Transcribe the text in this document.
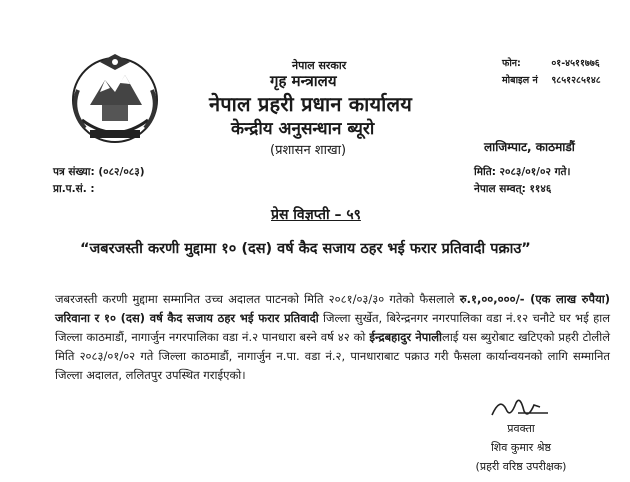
नेपाल सरकार
गृह मन्त्रालय
नेपाल प्रहरी प्रधान कार्यालय
केन्द्रीय अनुसन्धान ब्यूरो
(प्रशासन शाखा)
फोन:	०१-४५११७७६
मोबाइल नं ९८५१२८५१४८
लाजिम्पाट, काठमाडौं
पत्र संख्या: (०८२/०८३)
प्रा.प.सं. :
मिति: २०८३/०१/०२ गते।
नेपाल सम्वत्: ११४६
प्रेस विज्ञप्ती – ५९
“जबरजस्ती करणी मुद्दामा १० (दस) वर्ष कैद सजाय ठहर भई फरार प्रतिवादी पक्राउ”
जबरजस्ती करणी मुद्दामा सम्मानित उच्च अदालत पाटनको मिति २०८१/०३/३० गतेको फैसलाले रु.१,००,०००/- (एक लाख रुपैया) जरिवाना र १० (दस) वर्ष कैद सजाय ठहर भई फरार प्रतिवादी जिल्ला सुर्खेत, बिरेन्द्रनगर नगरपालिका वडा नं.१२ चनौटे घर भई हाल जिल्ला काठमाडौं, नागार्जुन नगरपालिका वडा नं.२ पानधारा बस्ने वर्ष ४२ को ईन्द्रबहादुर नेपालीलाई यस ब्युरोबाट खटिएको प्रहरी टोलीले मिति २०८३/०१/०२ गते जिल्ला काठमाडौं, नागार्जुन न.पा. वडा नं.२, पानधाराबाट पक्राउ गरी फैसला कार्यान्वयनको लागि सम्मानित जिल्ला अदालत, ललितपुर उपस्थित गराईएको।
प्रवक्ता
शिव कुमार श्रेष्ठ
(प्रहरी वरिष्ठ उपरीक्षक)
